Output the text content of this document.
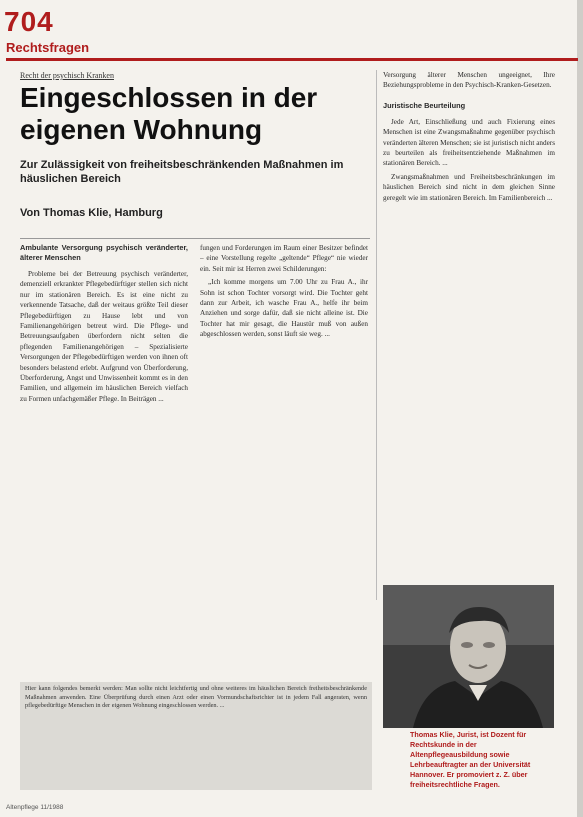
704
Rechtsfragen
Recht der psychisch Kranken
Eingeschlossen in der eigenen Wohnung
Zur Zulässigkeit von freiheitsbeschränkenden Maßnahmen im häuslichen Bereich
Von Thomas Klie, Hamburg
Ambulante Versorgung psychisch veränderter, älterer Menschen

Probleme bei der Betreuung psychisch veränderter, demenziell erkrankter Pflegebedürftiger stellen sich nicht nur im stationären Bereich. Es ist eine nicht zu verkennende Tatsache, daß der weitaus größte Teil dieser Pflegebedürftigen zu Hause lebt und von Familienangehörigen betreut wird. Die Pflege- und Betreuungsaufgaben überfordern nicht selten die pflegenden Familienangehörigen – Spezialisierte Versorgungen der Pflegebedürftigen werden von ihnen oft besonders belastend erlebt. Aufgrund von Überforderung, Überforderung, Angst und Unwissenheit kommt es in den Familien, und allgemein im häuslichen Bereich vielfach zu Formen unfachgemäßer Pflege. In Beiträgen ...

fungen und Forderungen im Raum einer Besitzer befindet – eine Vorstellung regelte „geltende“ Pflege“ nie wieder ein. Seit mir ist Herren zwei Schilderungen:

„Ich komme morgens um 7.00 Uhr zu Frau A., ihr Sohn ist schon Tochter vorsorgt wird. Die Tochter geht dann zur Arbeit, ich wasche Frau A., helfe ihr beim Anziehen und sorge dafür, daß sie nicht alleine ist. Die Tochter hat mir gesagt, die Haustür muß von außen abgeschlossen werden, sonst läuft sie weg. ...

Versorgung älterer Menschen ungeeignet, Ihre Beziehungsprobleme in den Psychisch-Kranken-Gesetzen.

Juristische Beurteilung

Jede Art, Einschließung und auch Fixierung eines Menschen ist eine Zwangsmaßnahme gegenüber psychisch veränderten älteren Menschen; sie ist juristisch nicht anders zu beurteilen als freiheitsentziehende Maßnahmen im stationären Bereich. ...

Zwangsmaßnahmen und Freiheitsbeschränkungen im häuslichen Bereich sind nicht in dem gleichen Sinne geregelt wie im stationären Bereich. Im Familienbereich ...

Hier kann folgendes bemerkt werden: Man sollte nicht leichtfertig und ohne weiteres im häuslichen Bereich freiheitsbeschränkende Maßnahmen anwenden. Eine Überprüfung durch einen Arzt oder einen Vormundschaftsrichter ist in jedem Fall angeraten, wenn pflegebedürftige Menschen in der eigenen Wohnung eingeschlossen werden. ...

Thomas Klie, Jurist, ist Dozent für Rechtskunde in der Altenpflegeausbildung sowie Lehrbeauftragter an der Universität Hannover. Er promoviert z. Z. über freiheitsrechtliche Fragen.
Altenpflege 11/1988
